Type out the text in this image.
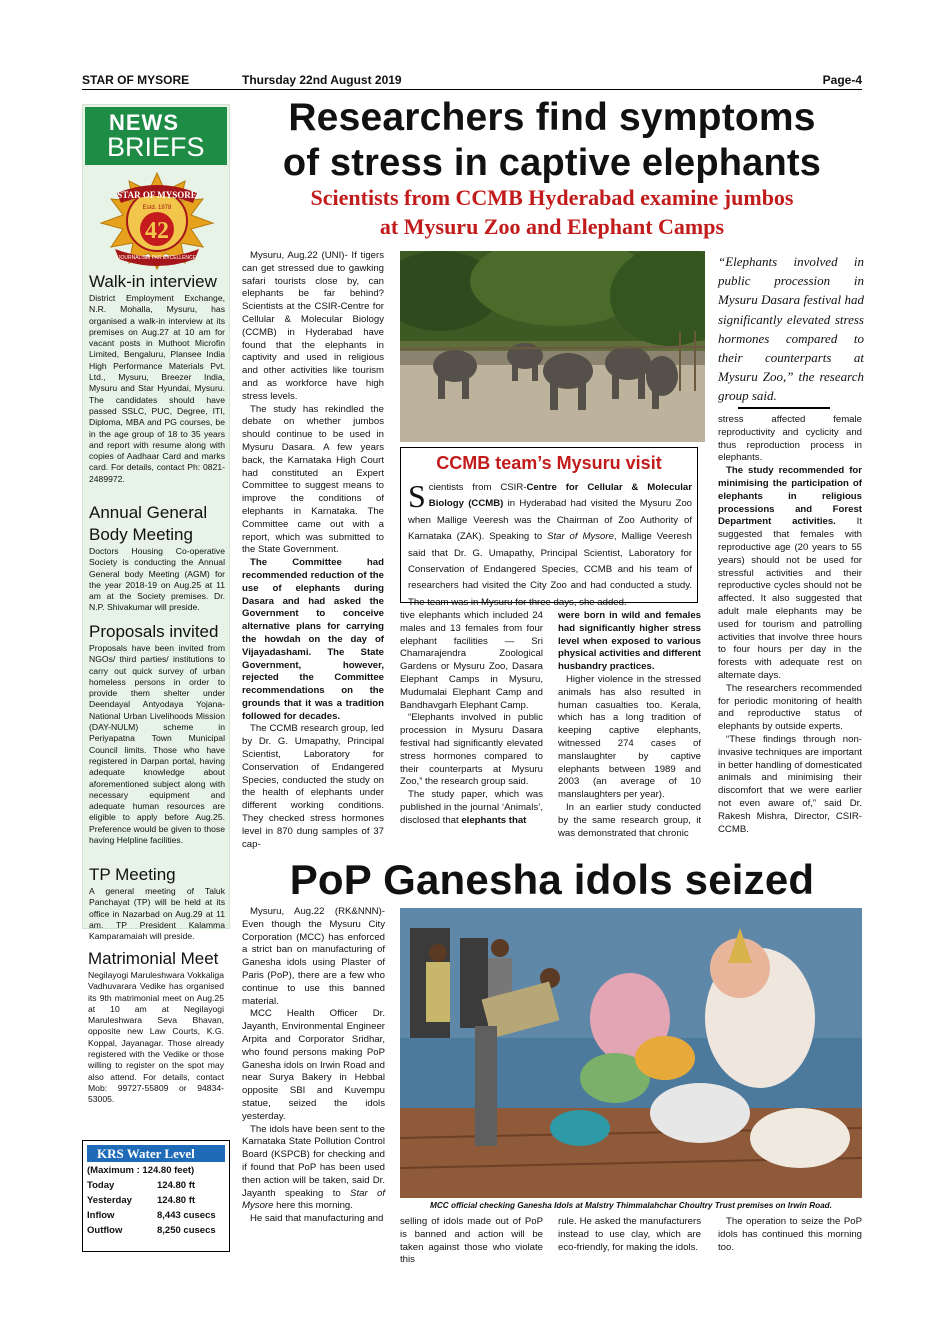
STAR OF MYSORE	Thursday 22nd August 2019	Page-4
NEWS
BRIEFS
STAR OF MYSORE
Estd. 1978
42
JOURNALISM PAR EXCELLENCE
Walk-in interview
District Employment Exchange, N.R. Mohalla, Mysuru, has organised a walk-in interview at its premises on Aug.27 at 10 am for vacant posts in Muthoot Microfin Limited, Bengaluru, Plansee India High Performance Materials Pvt. Ltd., Mysuru, Breezer India, Mysuru and Star Hyundai, Mysuru. The candidates should have passed SSLC, PUC, Degree, ITI, Diploma, MBA and PG courses, be in the age group of 18 to 35 years and report with resume along with copies of Aadhaar Card and marks card. For details, contact Ph: 0821-2489972.
Annual General Body Meeting
Doctors Housing Co-operative Society is conducting the Annual General body Meeting (AGM) for the year 2018-19 on Aug.25 at 11 am at the Society premises. Dr. N.P. Shivakumar will preside.
Proposals invited
Proposals have been invited from NGOs/ third parties/ institutions to carry out quick survey of urban homeless persons in order to provide them shelter under Deendayal Antyodaya Yojana-National Urban Livelihoods Mission (DAY-NULM) scheme in Periyapatna Town Municipal Council limits. Those who have registered in Darpan portal, having adequate knowledge about aforementioned subject along with necessary equipment and adequate human resources are eligible to apply before Aug.25. Preference would be given to those having Helpline facilities.
TP Meeting
A general meeting of Taluk Panchayat (TP) will be held at its office in Nazarbad on Aug.29 at 11 am. TP President Kalamma Kamparamaiah will preside.
Matrimonial Meet
Negilayogi Maruleshwara Vokkaliga Vadhuvarara Vedike has organised its 9th matrimonial meet on Aug.25 at 10 am at Negilayogi Maruleshwara Seva Bhavan, opposite new Law Courts, K.G. Koppal, Jayanagar. Those already registered with the Vedike or those willing to register on the spot may also attend. For details, contact Mob: 99727-55809 or 94834-53005.
KRS Water Level
(Maximum : 124.80 feet)
Today	124.80 ft
Yesterday	124.80 ft
Inflow	8,443 cusecs
Outflow	8,250 cusecs
Researchers find symptoms
of stress in captive elephants
Scientists from CCMB Hyderabad examine jumbos
at Mysuru Zoo and Elephant Camps

Mysuru, Aug.22 (UNI)- If tigers can get stressed due to gawking safari tourists close by, can elephants be far behind? Scientists at the CSIR-Centre for Cellular & Molecular Biology (CCMB) in Hyderabad have found that the elephants in captivity and used in religious and other activities like tourism and as workforce have high stress levels.

The study has rekindled the debate on whether jumbos should continue to be used in Mysuru Dasara. A few years back, the Karnataka High Court had constituted an Expert Committee to suggest means to improve the conditions of elephants in Karnataka. The Committee came out with a report, which was submitted to the State Government.

The Committee had recommended reduction of the use of elephants during Dasara and had asked the Government to conceive alternative plans for carrying the howdah on the day of Vijayadashami. The State Government, however, rejected the Committee recommendations on the grounds that it was a tradition followed for decades.

The CCMB research group, led by Dr. G. Umapathy, Principal Scientist, Laboratory for Conservation of Endangered Species, conducted the study on the health of elephants under different working conditions. They checked stress hormones level in 870 dung samples of 37 cap-

CCMB team’s Mysuru visit
Scientists from CSIR-Centre for Cellular & Molecular Biology (CCMB) in Hyderabad had visited the Mysuru Zoo when Mallige Veeresh was the Chairman of Zoo Authority of Karnataka (ZAK). Speaking to Star of Mysore, Mallige Veeresh said that Dr. G. Umapathy, Principal Scientist, Laboratory for Conservation of Endangered Species, CCMB and his team of researchers had visited the City Zoo and had conducted a study. The team was in Mysuru for three days, she added.

tive elephants which included 24 males and 13 females from four elephant facilities — Sri Chamarajendra Zoological Gardens or Mysuru Zoo, Dasara Elephant Camps in Mysuru, Mudumalai Elephant Camp and Bandhavgarh Elephant Camp.

“Elephants involved in public procession in Mysuru Dasara festival had significantly elevated stress hormones compared to their counterparts at Mysuru Zoo,” the research group said.

The study paper, which was published in the journal ‘Animals’, disclosed that elephants that

were born in wild and females had significantly higher stress level when exposed to various physical activities and different husbandry practices.

Higher violence in the stressed animals has also resulted in human casualties too. Kerala, which has a long tradition of keeping captive elephants, witnessed 274 cases of manslaughter by captive elephants between 1989 and 2003 (an average of 10 manslaughters per year).

In an earlier study conducted by the same research group, it was demonstrated that chronic

“Elephants involved in public procession in Mysuru Dasara festival had significantly elevated stress hormones compared to their counterparts at Mysuru Zoo,” the research group said.

stress affected female reproductivity and cyclicity and thus reproduction process in elephants.

The study recommended for minimising the participation of elephants in religious processions and Forest Department activities. It suggested that females with reproductive age (20 years to 55 years) should not be used for stressful activities and their reproductive cycles should not be affected. It also suggested that adult male elephants may be used for tourism and patrolling activities that involve three hours to four hours per day in the forests with adequate rest on alternate days.

The researchers recommended for periodic monitoring of health and reproductive status of elephants by outside experts.

“These findings through non-invasive techniques are important in better handling of domesticated animals and minimising their discomfort that we were earlier not even aware of,” said Dr. Rakesh Mishra, Director, CSIR-CCMB.

PoP Ganesha idols seized

Mysuru, Aug.22 (RK&NNN)- Even though the Mysuru City Corporation (MCC) has enforced a strict ban on manufacturing of Ganesha idols using Plaster of Paris (PoP), there are a few who continue to use this banned material.

MCC Health Officer Dr. Jayanth, Environmental Engineer Arpita and Corporator Sridhar, who found persons making PoP Ganesha idols on Irwin Road and near Surya Bakery in Hebbal opposite SBI and Kuvempu statue, seized the idols yesterday.

The idols have been sent to the Karnataka State Pollution Control Board (KSPCB) for checking and if found that PoP has been used then action will be taken, said Dr. Jayanth speaking to Star of Mysore here this morning.

He said that manufacturing and

MCC official checking Ganesha Idols at Malstry Thimmalahchar Choultry Trust premises on Irwin Road.

selling of idols made out of PoP is banned and action will be taken against those who violate this

rule. He asked the manufacturers instead to use clay, which are eco-friendly, for making the idols.

The operation to seize the PoP idols has continued this morning too.
